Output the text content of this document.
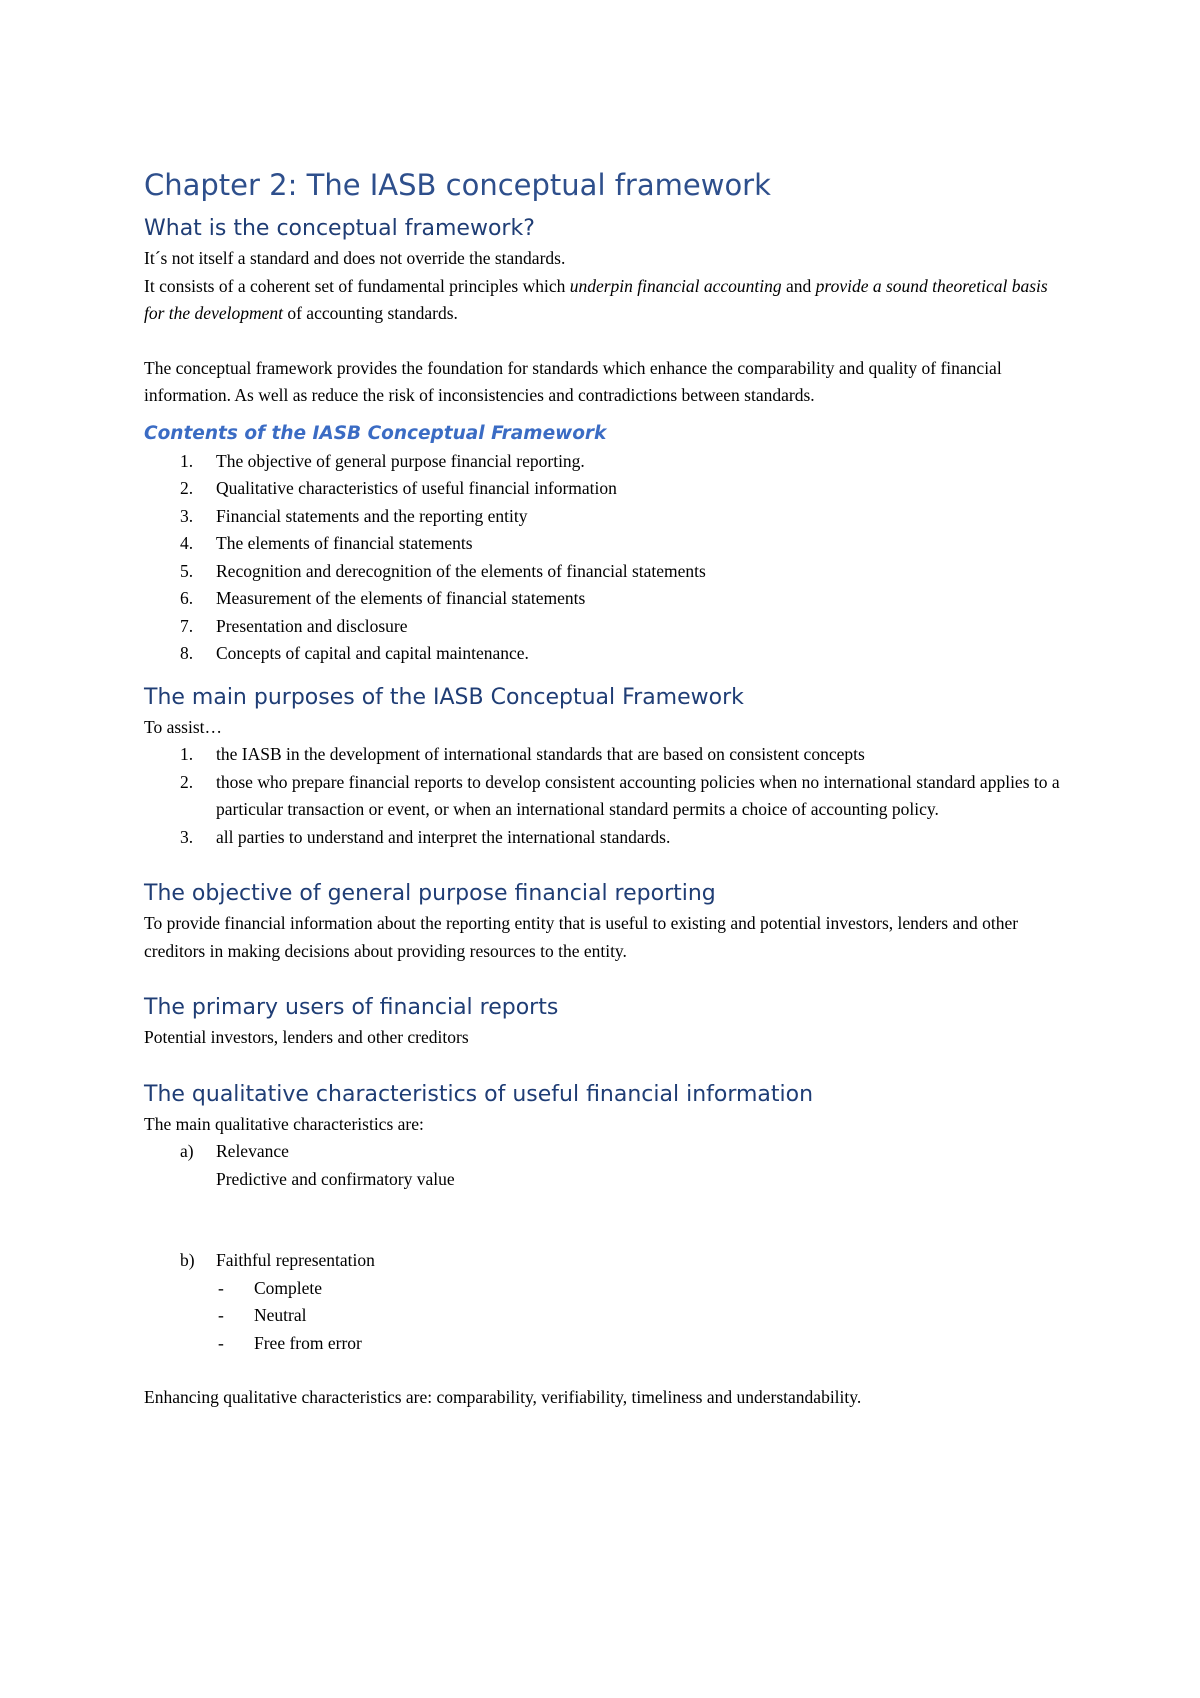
Chapter 2: The IASB conceptual framework
What is the conceptual framework?

It´s not itself a standard and does not override the standards.

It consists of a coherent set of fundamental principles which underpin financial accounting and provide a sound theoretical basis for the development of accounting standards.

The conceptual framework provides the foundation for standards which enhance the comparability and quality of financial information. As well as reduce the risk of inconsistencies and contradictions between standards.

Contents of the IASB Conceptual Framework
1.	The objective of general purpose financial reporting.
2.	Qualitative characteristics of useful financial information
3.	Financial statements and the reporting entity
4.	The elements of financial statements
5.	Recognition and derecognition of the elements of financial statements
6.	Measurement of the elements of financial statements
7.	Presentation and disclosure
8.	Concepts of capital and capital maintenance.
The main purposes of the IASB Conceptual Framework

To assist…

1.	the IASB in the development of international standards that are based on consistent concepts
2.	those who prepare financial reports to develop consistent accounting policies when no international standard applies to a particular transaction or event, or when an international standard permits a choice of accounting policy.
3.	all parties to understand and interpret the international standards.
The objective of general purpose financial reporting

To provide financial information about the reporting entity that is useful to existing and potential investors, lenders and other creditors in making decisions about providing resources to the entity.

The primary users of financial reports

Potential investors, lenders and other creditors

The qualitative characteristics of useful financial information

The main qualitative characteristics are:

a)	Relevance

Predictive and confirmatory value

b)	Faithful representation
- Complete
- Neutral
- Free from error

Enhancing qualitative characteristics are: comparability, verifiability, timeliness and understandability.
